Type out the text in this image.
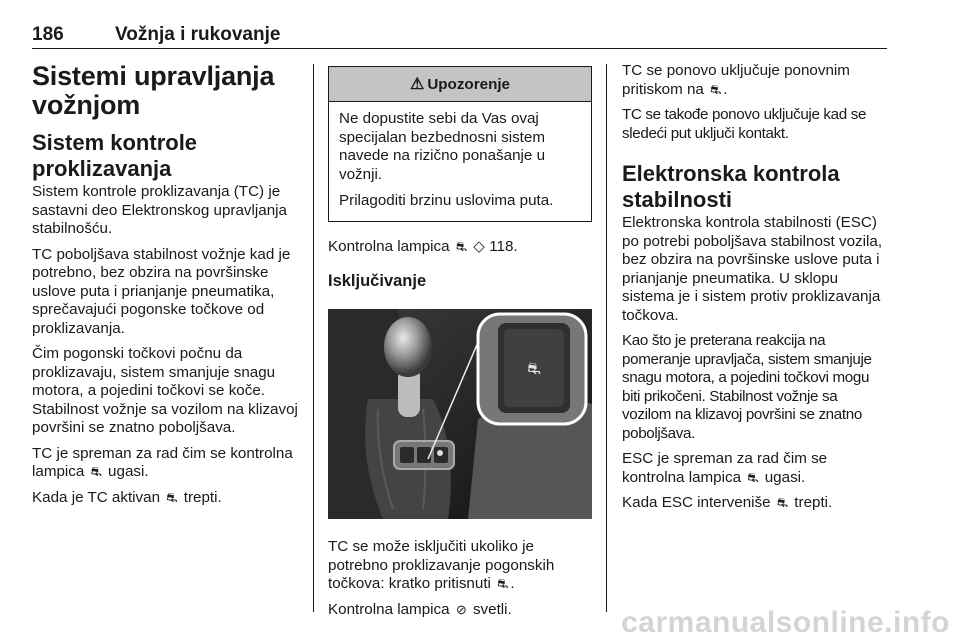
186	Vožnja i rukovanje
Sistemi upravljanja vožnjom
Sistem kontrole proklizavanja

Sistem kontrole proklizavanja (TC) je sastavni deo Elektronskog upravljanja stabilnošću.

TC poboljšava stabilnost vožnje kad je potrebno, bez obzira na površinske uslove puta i prianjanje pneumatika, sprečavajući pogonske točkove od proklizavanja.

Čim pogonski točkovi počnu da proklizavaju, sistem smanjuje snagu motora, a pojedini točkovi se koče. Stabilnost vožnje sa vozilom na klizavoj površini se znatno poboljšava.

TC je spreman za rad čim se kontrolna lampica ⛐ ugasi.

Kada je TC aktivan ⛐ trepti.

⚠ Upozorenje

Ne dopustite sebi da Vas ovaj specijalan bezbednosni sistem navede na rizično ponašanje u vožnji.

Prilagoditi brzinu uslovima puta.

Kontrolna lampica ⛐ ◇ 118.

Isključivanje
⛐

TC se može isključiti ukoliko je potrebno proklizavanje pogonskih točkova: kratko pritisnuti ⛐ .

Kontrolna lampica ⊘ svetli.

TC se ponovo uključuje ponovnim pritiskom na ⛐ .

TC se takođe ponovo uključuje kad se sledeći put uključi kontakt.

Elektronska kontrola stabilnosti

Elektronska kontrola stabilnosti (ESC) po potrebi poboljšava stabilnost vozila, bez obzira na površinske uslove puta i prianjanje pneumatika. U sklopu sistema je i sistem protiv proklizavanja točkova.

Kao što je preterana reakcija na pomeranje upravljača, sistem smanjuje snagu motora, a pojedini točkovi mogu biti prikočeni. Stabilnost vožnje sa vozilom na klizavoj površini se znatno poboljšava.

ESC je spreman za rad čim se kontrolna lampica ⛐ ugasi.

Kada ESC interveniše ⛐ trepti.

carmanualsonline.info
